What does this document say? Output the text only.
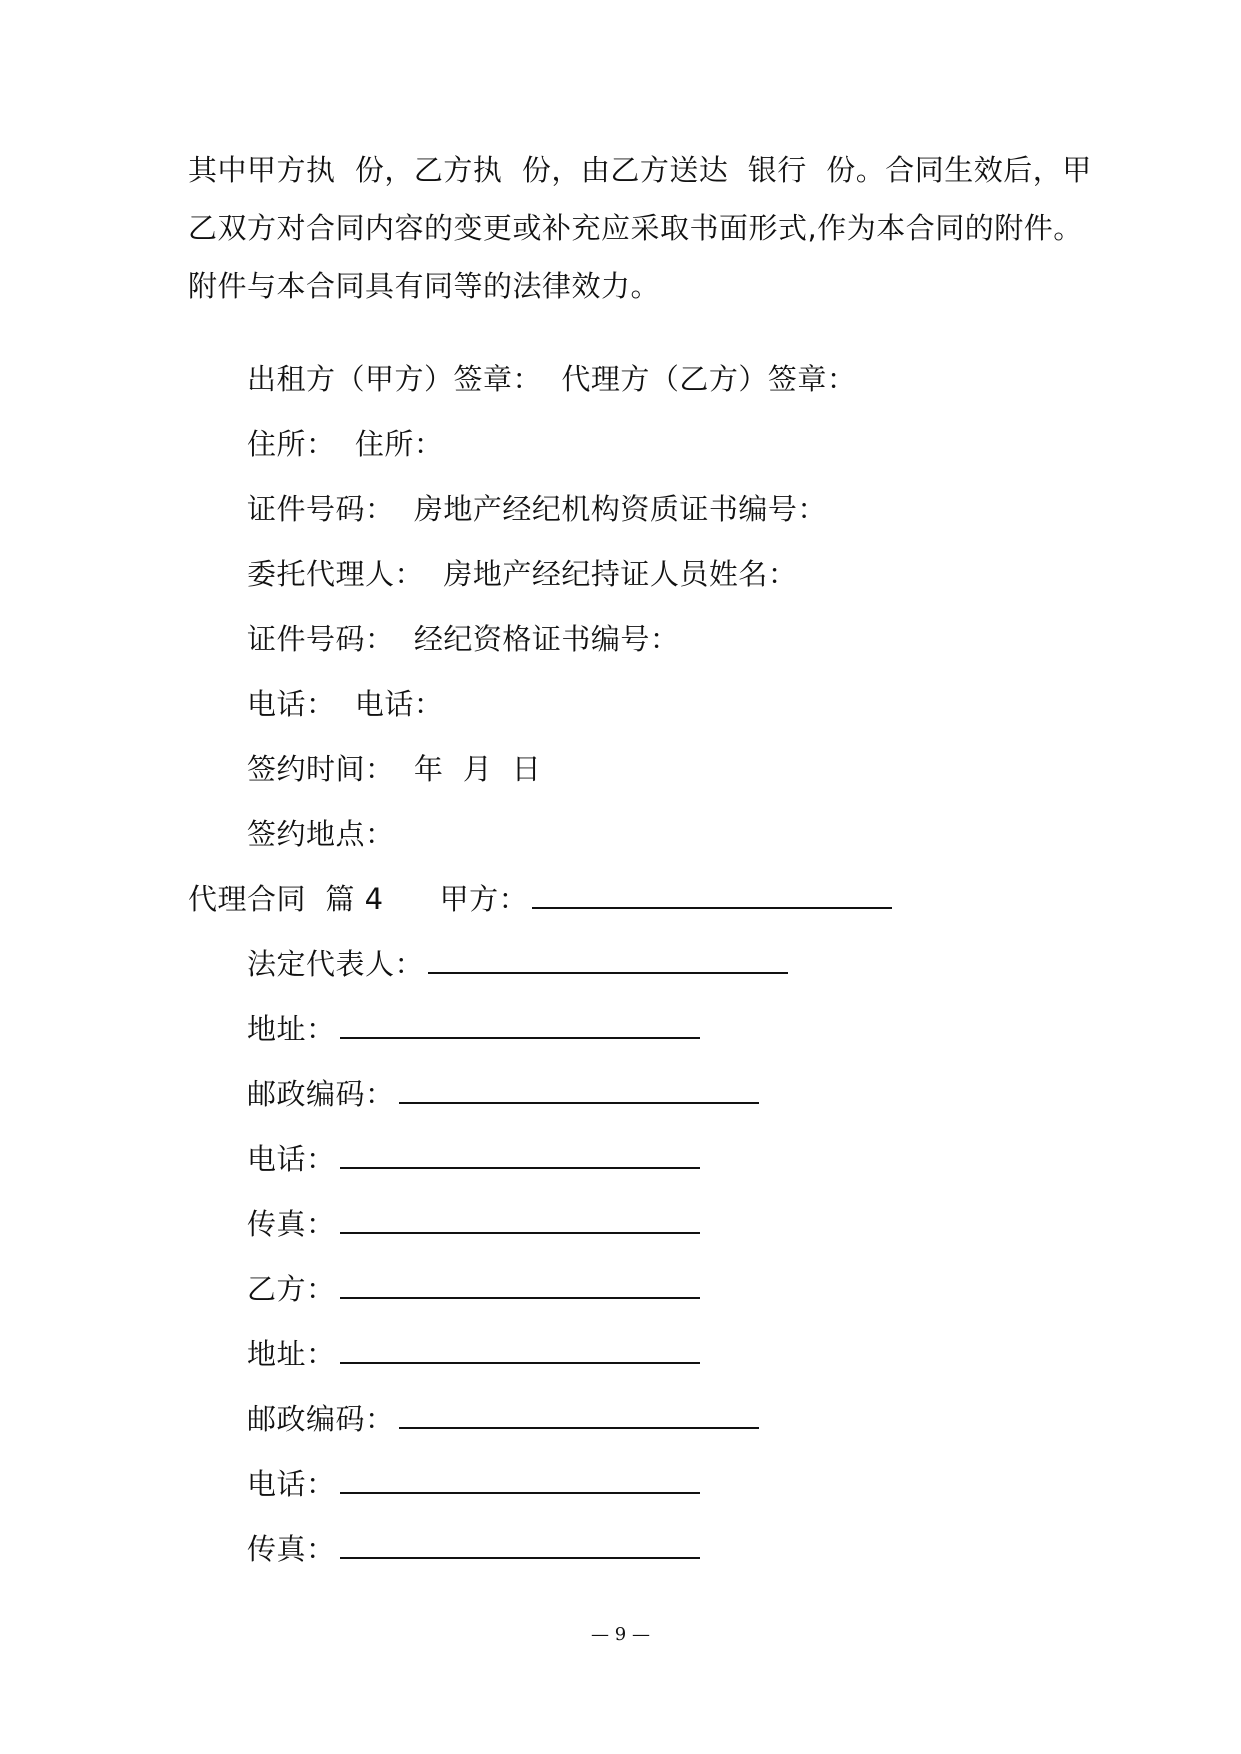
其中甲方执  份，乙方执  份，由乙方送达  银行  份。合同生效后，甲
乙双方对合同内容的变更或补充应采取书面形式,作为本合同的附件。
附件与本合同具有同等的法律效力。
出租方（甲方）签章：  代理方（乙方）签章：
住所：  住所：
证件号码：  房地产经纪机构资质证书编号：
委托代理人：  房地产经纪持证人员姓名：
证件号码：  经纪资格证书编号：
电话：  电话：
签约时间：  年  月  日
签约地点：
代理合同  篇 4 甲方：
法定代表人：
地址：
邮政编码：
电话：
传真：
乙方：
地址：
邮政编码：
电话：
传真：
— 9 —
